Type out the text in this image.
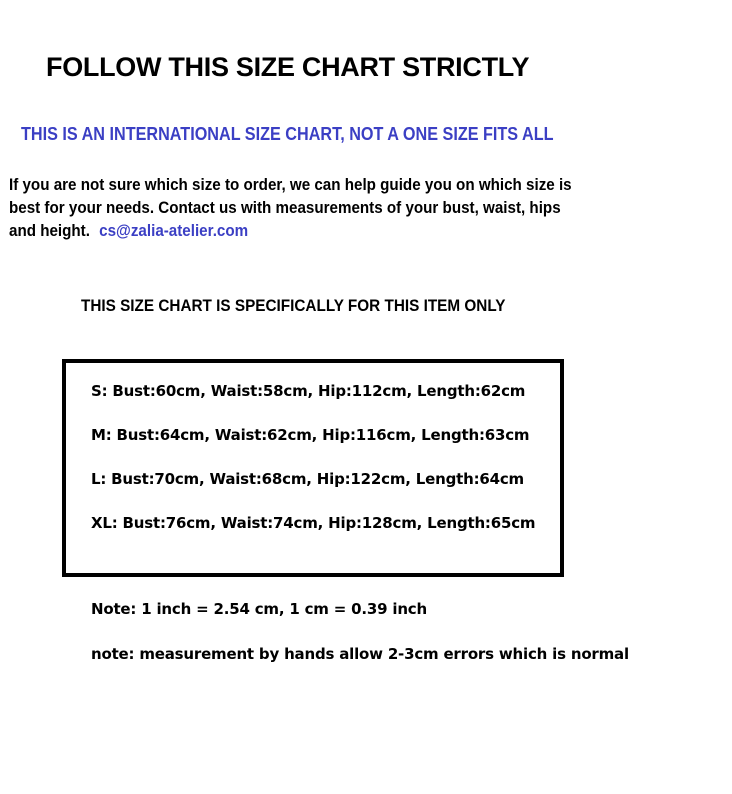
FOLLOW THIS SIZE CHART STRICTLY
THIS IS AN INTERNATIONAL SIZE CHART, NOT A ONE SIZE FITS ALL
If you are not sure which size to order, we can help guide you on which size is
best for your needs. Contact us with measurements of your bust, waist, hips
and height. cs@zalia-atelier.com
THIS SIZE CHART IS SPECIFICALLY FOR THIS ITEM ONLY
S: Bust:60cm, Waist:58cm, Hip:112cm, Length:62cm
M: Bust:64cm, Waist:62cm, Hip:116cm, Length:63cm
L: Bust:70cm, Waist:68cm, Hip:122cm, Length:64cm
XL: Bust:76cm, Waist:74cm, Hip:128cm, Length:65cm
Note: 1 inch = 2.54 cm, 1 cm = 0.39 inch
note: measurement by hands allow 2-3cm errors which is normal
